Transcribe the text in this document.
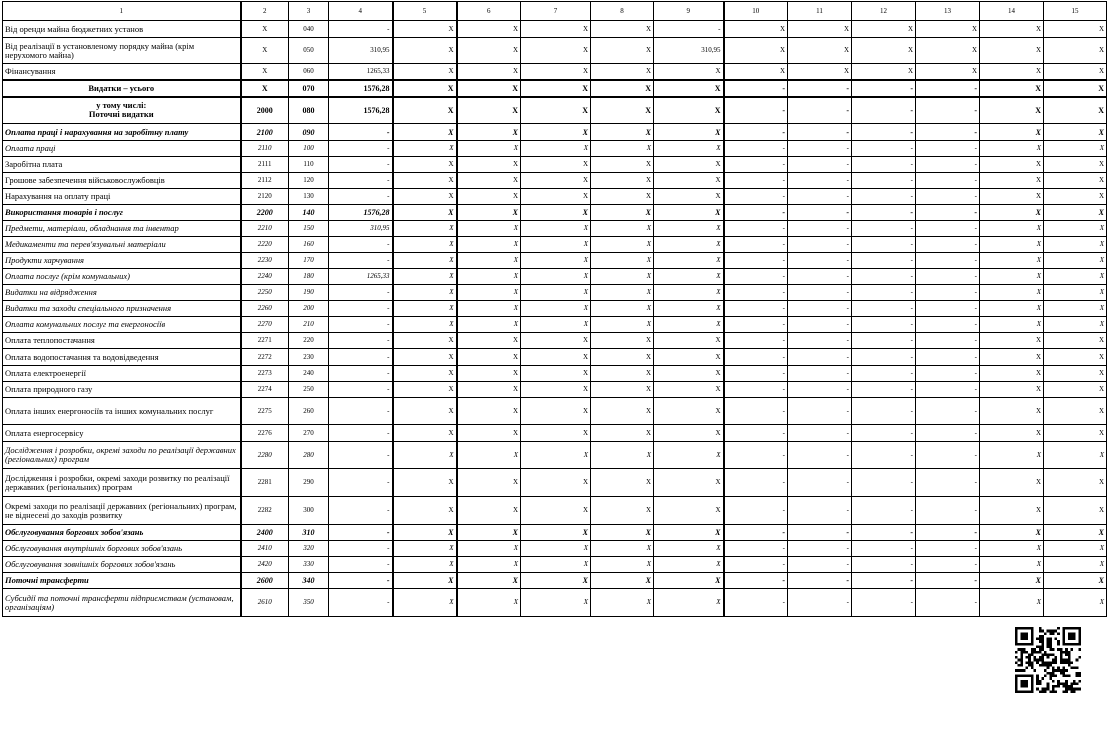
1	2	3	4	5	6	7	8	9	10	11	12	13	14	15
Від оренди майна бюджетних установ	X	040	-	X	X	X	X	-	X	X	X	X	X	X
Від реалізації в установленому порядку майна (крім нерухомого майна)	X	050	310,95	X	X	X	X	310,95	X	X	X	X	X	X
Фінансування	X	060	1265,33	X	X	X	X	X	X	X	X	X	X	X
Видатки – усього	X	070	1576,28	X	X	X	X	X	-	-	-	-	X	X
у тому числі:
Поточні видатки	2000	080	1576,28	X	X	X	X	X	-	-	-	-	X	X
Оплата праці і нарахування на заробітну плату	2100	090	-	X	X	X	X	X	-	-	-	-	X	X
Оплата праці	2110	100	-	X	X	X	X	X	-	-	-	-	X	X
Заробітна плата	2111	110	-	X	X	X	X	X	-	-	-	-	X	X
Грошове забезпечення військовослужбовців	2112	120	-	X	X	X	X	X	-	-	-	-	X	X
Нарахування на оплату праці	2120	130	-	X	X	X	X	X	-	-	-	-	X	X
Використання товарів і послуг	2200	140	1576,28	X	X	X	X	X	-	-	-	-	X	X
Предмети, матеріали, обладнання та інвентар	2210	150	310,95	X	X	X	X	X	-	-	-	-	X	X
Медикаменти та перев'язувальні матеріали	2220	160	-	X	X	X	X	X	-	-	-	-	X	X
Продукти харчування	2230	170	-	X	X	X	X	X	-	-	-	-	X	X
Оплата послуг (крім комунальних)	2240	180	1265,33	X	X	X	X	X	-	-	-	-	X	X
Видатки на відрядження	2250	190	-	X	X	X	X	X	-	-	-	-	X	X
Видатки та заходи спеціального призначення	2260	200	-	X	X	X	X	X	-	-	-	-	X	X
Оплата комунальних послуг та енергоносіїв	2270	210	-	X	X	X	X	X	-	-	-	-	X	X
Оплата теплопостачання	2271	220	-	X	X	X	X	X	-	-	-	-	X	X
Оплата водопостачання та водовідведення	2272	230	-	X	X	X	X	X	-	-	-	-	X	X
Оплата електроенергії	2273	240	-	X	X	X	X	X	-	-	-	-	X	X
Оплата природного газу	2274	250	-	X	X	X	X	X	-	-	-	-	X	X
Оплата інших енергоносіїв та інших комунальних послуг	2275	260	-	X	X	X	X	X	-	-	-	-	X	X
Оплата енергосервісу	2276	270	-	X	X	X	X	X	-	-	-	-	X	X
Дослідження і розробки, окремі заходи по реалізації державних (регіональних) програм	2280	280	-	X	X	X	X	X	-	-	-	-	X	X
Дослідження і розробки, окремі заходи розвитку по реалізації державних (регіональних) програм	2281	290	-	X	X	X	X	X	-	-	-	-	X	X
Окремі заходи по реалізації державних (регіональних) програм, не віднесені до заходів розвитку	2282	300	-	X	X	X	X	X	-	-	-	-	X	X
Обслуговування боргових зобов'язань	2400	310	-	X	X	X	X	X	-	-	-	-	X	X
Обслуговування внутрішніх боргових зобов'язань	2410	320	-	X	X	X	X	X	-	-	-	-	X	X
Обслуговування зовнішніх боргових зобов'язань	2420	330	-	X	X	X	X	X	-	-	-	-	X	X
Поточні трансферти	2600	340	-	X	X	X	X	X	-	-	-	-	X	X
Субсидії та поточні трансферти підприємствам (установам, організаціям)	2610	350	-	X	X	X	X	X	-	-	-	-	X	X
